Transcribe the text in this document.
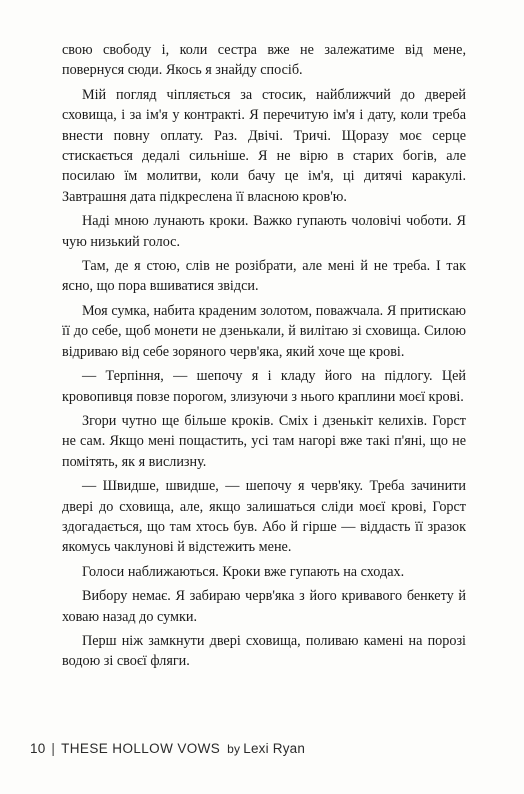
свою свободу і, коли сестра вже не залежатиме від мене, повернуся сюди. Якось я знайду спосіб.

Мій погляд чіпляється за стосик, найближчий до дверей сховища, і за ім'я у контракті. Я перечитую ім'я і дату, коли треба внести повну оплату. Раз. Двічі. Тричі. Щоразу моє серце стискається дедалі сильніше. Я не вірю в старих богів, але посилаю їм молитви, коли бачу це ім'я, ці дитячі каракулі. Завтрашня дата підкреслена її власною кров'ю.

Наді мною лунають кроки. Важко гупають чоловічі чоботи. Я чую низький голос.

Там, де я стою, слів не розібрати, але мені й не треба. І так ясно, що пора вшиватися звідси.

Моя сумка, набита краденим золотом, поважчала. Я притискаю її до себе, щоб монети не дзенькали, й вилітаю зі сховища. Силою відриваю від себе зоряного черв'яка, який хоче ще крові.

— Терпіння, — шепочу я і кладу його на підлогу. Цей кровопивця повзе порогом, злизуючи з нього краплини моєї крові.

Згори чутно ще більше кроків. Сміх і дзенькіт келихів. Горст не сам. Якщо мені пощастить, усі там нагорі вже такі п'яні, що не помітять, як я вислизну.

— Швидше, швидше, — шепочу я черв'яку. Треба зачинити двері до сховища, але, якщо залишаться сліди моєї крові, Горст здогадається, що там хтось був. Або й гірше — віддасть її зразок якомусь чаклунові й відстежить мене.

Голоси наближаються. Кроки вже гупають на сходах.

Вибору немає. Я забираю черв'яка з його кривавого бенкету й ховаю назад до сумки.

Перш ніж замкнути двері сховища, поливаю камені на порозі водою зі своєї фляги.

10 | THESE HOLLOW VOWS by Lexi Ryan
